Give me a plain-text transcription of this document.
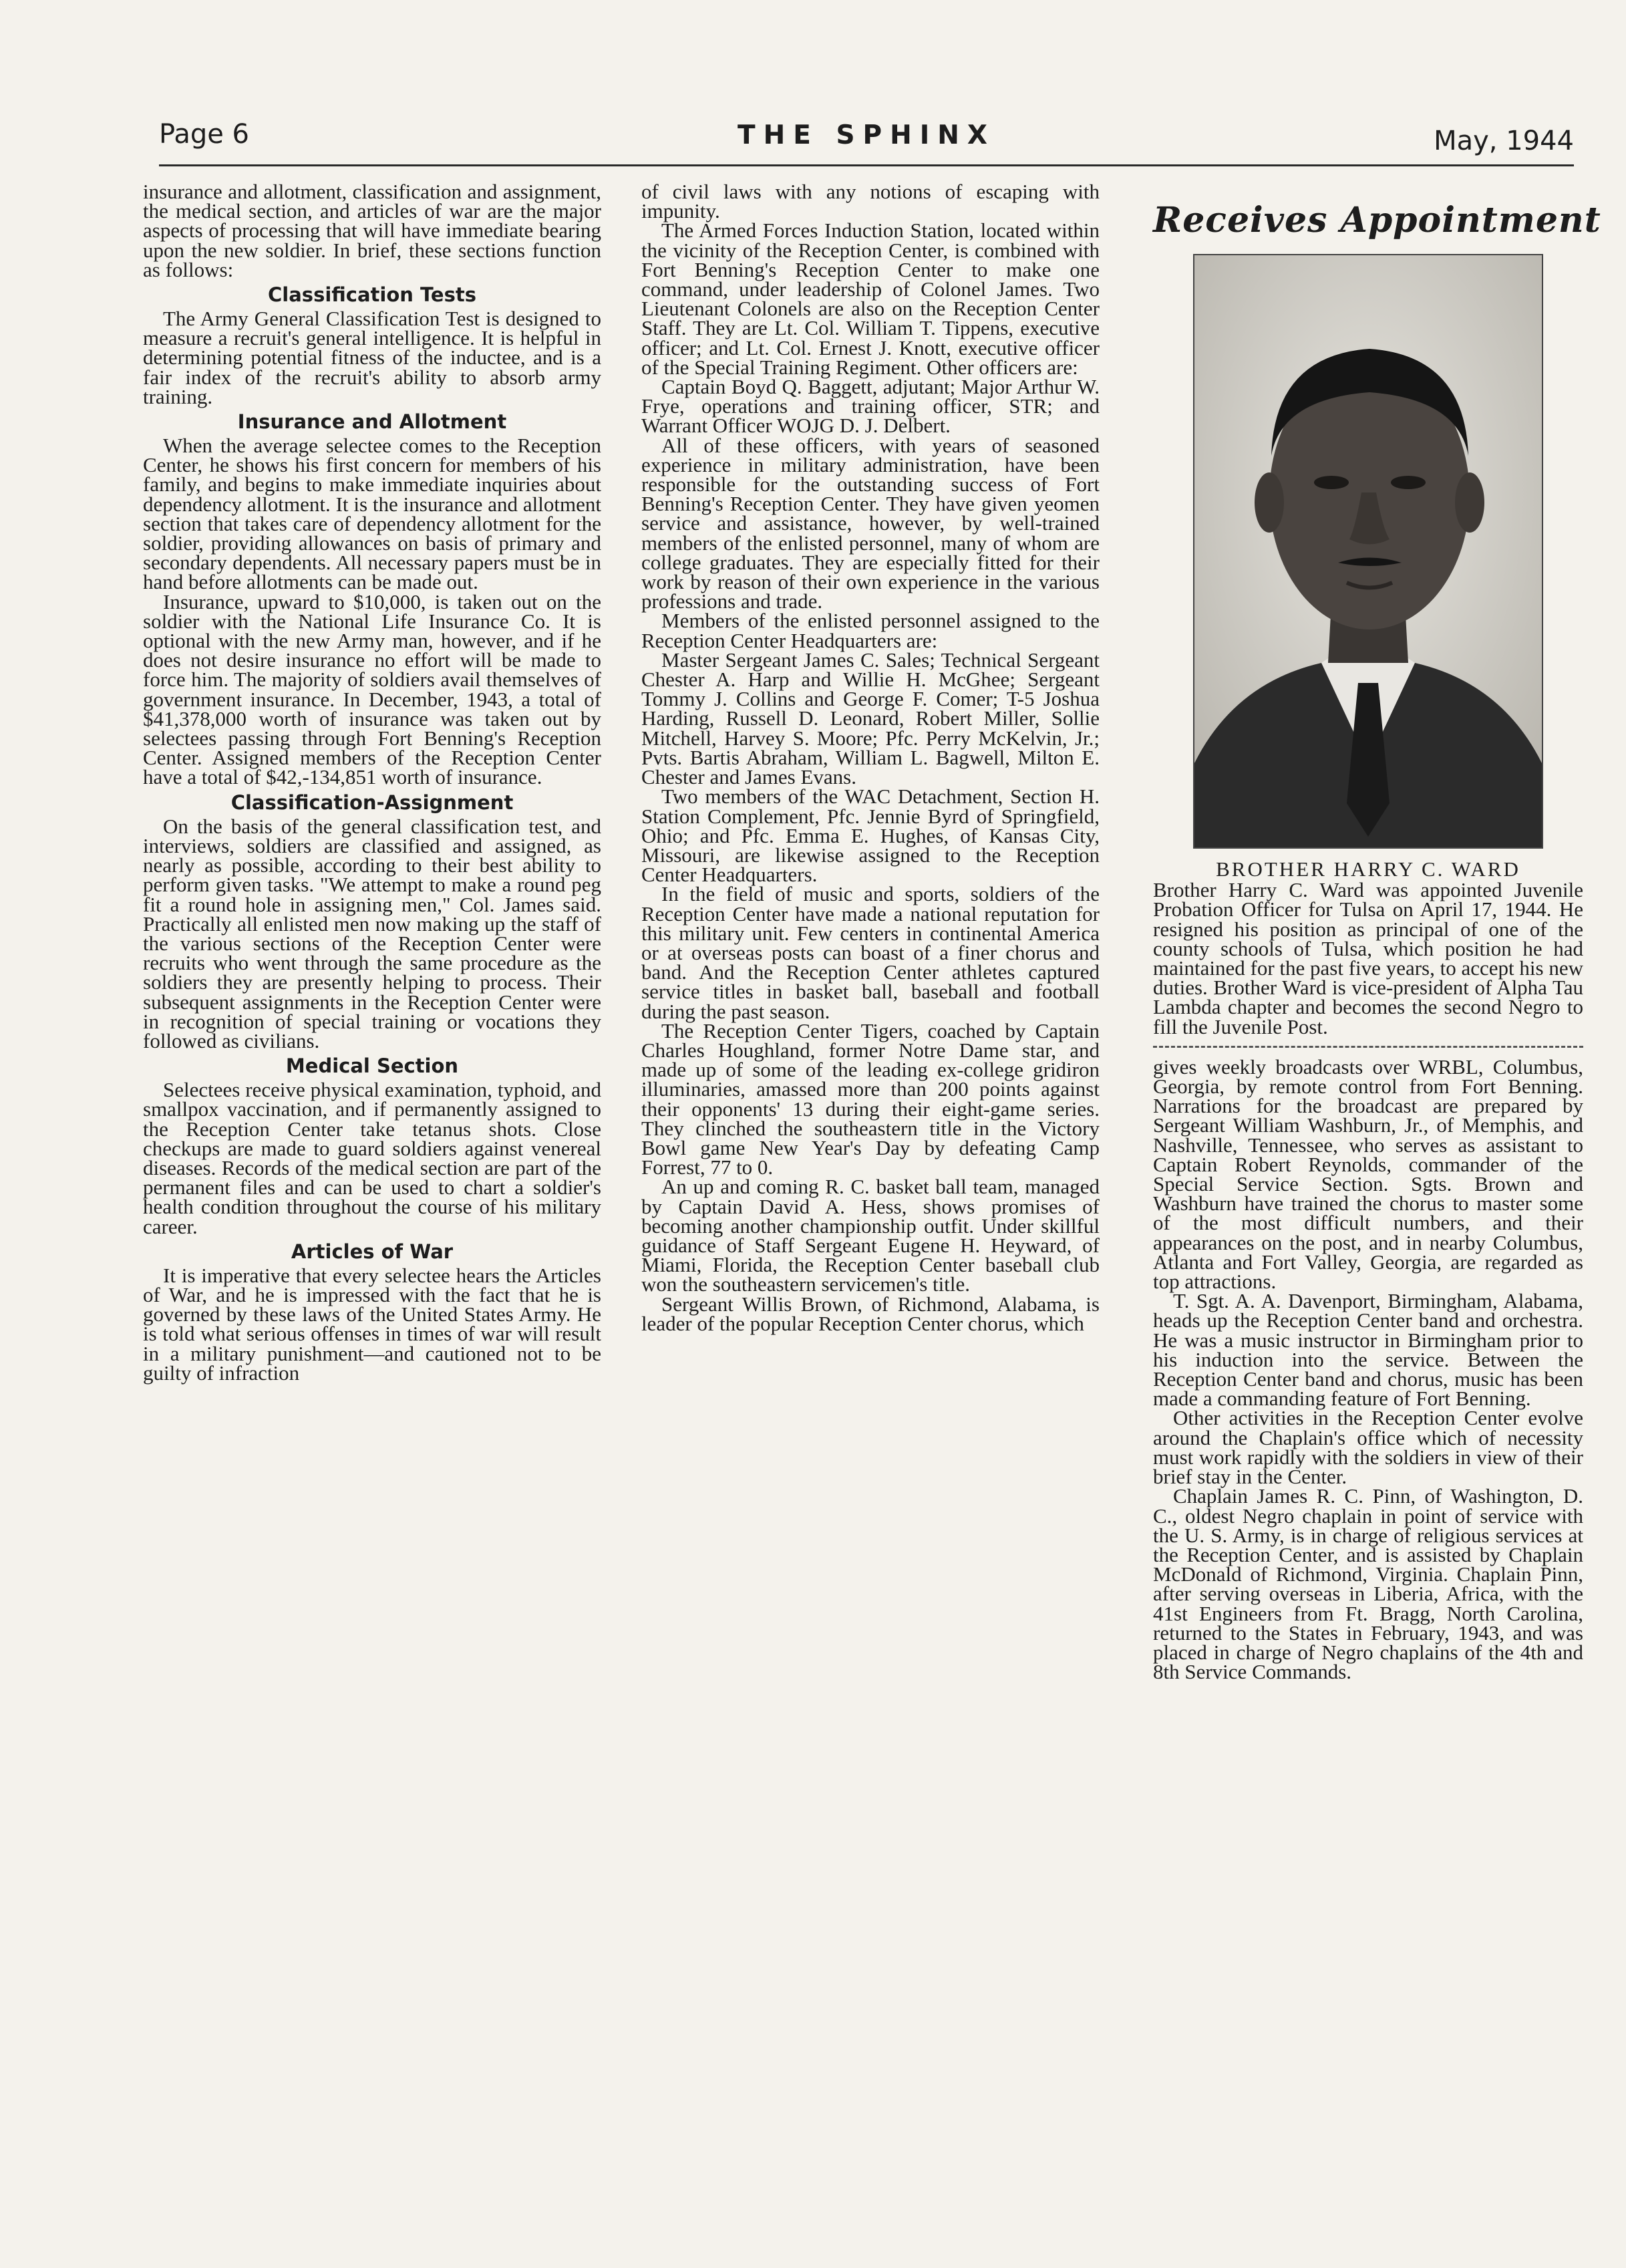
Page 6	THE SPHINX	May, 1944

insurance and allotment, classification and assignment, the medical section, and articles of war are the major aspects of processing that will have immediate bearing upon the new soldier. In brief, these sections function as follows:

Classification Tests

The Army General Classification Test is designed to measure a recruit's general intelligence. It is helpful in determining potential fitness of the inductee, and is a fair index of the recruit's ability to absorb army training.

Insurance and Allotment

When the average selectee comes to the Reception Center, he shows his first concern for members of his family, and begins to make immediate inquiries about dependency allotment. It is the insurance and allotment section that takes care of dependency allotment for the soldier, providing allowances on basis of primary and secondary dependents. All necessary papers must be in hand before allotments can be made out.

Insurance, upward to $10,000, is taken out on the soldier with the National Life Insurance Co. It is optional with the new Army man, however, and if he does not desire insurance no effort will be made to force him. The majority of soldiers avail themselves of government insurance. In December, 1943, a total of $41,378,000 worth of insurance was taken out by selectees passing through Fort Benning's Reception Center. Assigned members of the Reception Center have a total of $42,-134,851 worth of insurance.

Classification-Assignment

On the basis of the general classification test, and interviews, soldiers are classified and assigned, as nearly as possible, according to their best ability to perform given tasks. "We attempt to make a round peg fit a round hole in assigning men," Col. James said. Practically all enlisted men now making up the staff of the various sections of the Reception Center were recruits who went through the same procedure as the soldiers they are presently helping to process. Their subsequent assignments in the Reception Center were in recognition of special training or vocations they followed as civilians.

Medical Section

Selectees receive physical examination, typhoid, and smallpox vaccination, and if permanently assigned to the Reception Center take tetanus shots. Close checkups are made to guard soldiers against venereal diseases. Records of the medical section are part of the permanent files and can be used to chart a soldier's health condition throughout the course of his military career.

Articles of War

It is imperative that every selectee hears the Articles of War, and he is impressed with the fact that he is governed by these laws of the United States Army. He is told what serious offenses in times of war will result in a military punishment—and cautioned not to be guilty of infraction

of civil laws with any notions of escaping with impunity.

The Armed Forces Induction Station, located within the vicinity of the Reception Center, is combined with Fort Benning's Reception Center to make one command, under leadership of Colonel James. Two Lieutenant Colonels are also on the Reception Center Staff. They are Lt. Col. William T. Tippens, executive officer; and Lt. Col. Ernest J. Knott, executive officer of the Special Training Regiment. Other officers are:

Captain Boyd Q. Baggett, adjutant; Major Arthur W. Frye, operations and training officer, STR; and Warrant Officer WOJG D. J. Delbert.

All of these officers, with years of seasoned experience in military administration, have been responsible for the outstanding success of Fort Benning's Reception Center. They have given yeomen service and assistance, however, by well-trained members of the enlisted personnel, many of whom are college graduates. They are especially fitted for their work by reason of their own experience in the various professions and trade.

Members of the enlisted personnel assigned to the Reception Center Headquarters are:

Master Sergeant James C. Sales; Technical Sergeant Chester A. Harp and Willie H. McGhee; Sergeant Tommy J. Collins and George F. Comer; T-5 Joshua Harding, Russell D. Leonard, Robert Miller, Sollie Mitchell, Harvey S. Moore; Pfc. Perry McKelvin, Jr.; Pvts. Bartis Abraham, William L. Bagwell, Milton E. Chester and James Evans.

Two members of the WAC Detachment, Section H. Station Complement, Pfc. Jennie Byrd of Springfield, Ohio; and Pfc. Emma E. Hughes, of Kansas City, Missouri, are likewise assigned to the Reception Center Headquarters.

In the field of music and sports, soldiers of the Reception Center have made a national reputation for this military unit. Few centers in continental America or at overseas posts can boast of a finer chorus and band. And the Reception Center athletes captured service titles in basket ball, baseball and football during the past season.

The Reception Center Tigers, coached by Captain Charles Houghland, former Notre Dame star, and made up of some of the leading ex-college gridiron illuminaries, amassed more than 200 points against their opponents' 13 during their eight-game series. They clinched the southeastern title in the Victory Bowl game New Year's Day by defeating Camp Forrest, 77 to 0.

An up and coming R. C. basket ball team, managed by Captain David A. Hess, shows promises of becoming another championship outfit. Under skillful guidance of Staff Sergeant Eugene H. Heyward, of Miami, Florida, the Reception Center baseball club won the southeastern servicemen's title.

Sergeant Willis Brown, of Richmond, Alabama, is leader of the popular Reception Center chorus, which

Receives Appointment
BROTHER HARRY C. WARD

Brother Harry C. Ward was appointed Juvenile Probation Officer for Tulsa on April 17, 1944. He resigned his position as principal of one of the county schools of Tulsa, which position he had maintained for the past five years, to accept his new duties. Brother Ward is vice-president of Alpha Tau Lambda chapter and becomes the second Negro to fill the Juvenile Post.

gives weekly broadcasts over WRBL, Columbus, Georgia, by remote control from Fort Benning. Narrations for the broadcast are prepared by Sergeant William Washburn, Jr., of Memphis, and Nashville, Tennessee, who serves as assistant to Captain Robert Reynolds, commander of the Special Service Section. Sgts. Brown and Washburn have trained the chorus to master some of the most difficult numbers, and their appearances on the post, and in nearby Columbus, Atlanta and Fort Valley, Georgia, are regarded as top attractions.

T. Sgt. A. A. Davenport, Birmingham, Alabama, heads up the Reception Center band and orchestra. He was a music instructor in Birmingham prior to his induction into the service. Between the Reception Center band and chorus, music has been made a commanding feature of Fort Benning.

Other activities in the Reception Center evolve around the Chaplain's office which of necessity must work rapidly with the soldiers in view of their brief stay in the Center.

Chaplain James R. C. Pinn, of Washington, D. C., oldest Negro chaplain in point of service with the U. S. Army, is in charge of religious services at the Reception Center, and is assisted by Chaplain McDonald of Richmond, Virginia. Chaplain Pinn, after serving overseas in Liberia, Africa, with the 41st Engineers from Ft. Bragg, North Carolina, returned to the States in February, 1943, and was placed in charge of Negro chaplains of the 4th and 8th Service Commands.
